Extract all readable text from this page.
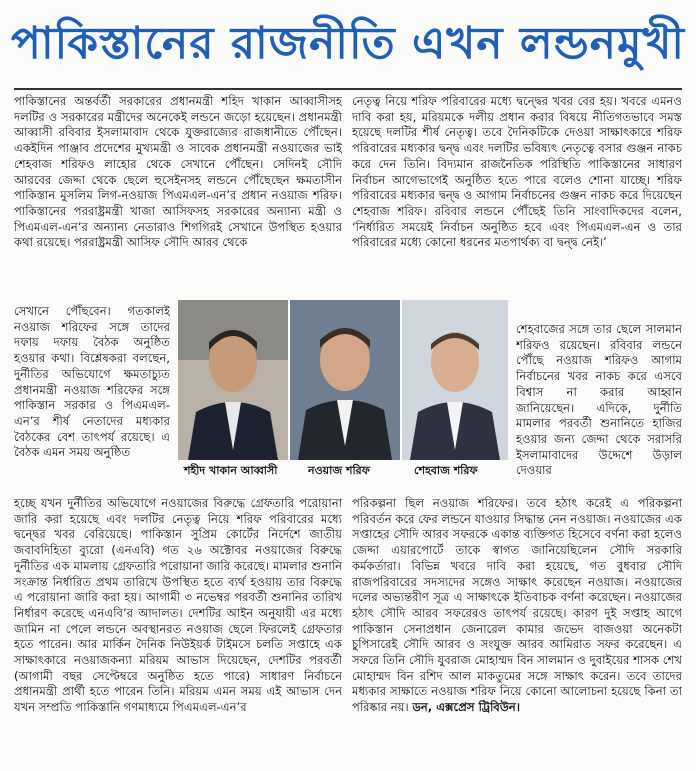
পাকিস্তানের রাজনীতি এখন লন্ডনমুখী

পাকিস্তানের অন্তর্বর্তী সরকারের প্রধানমন্ত্রী শহিদ খাকান আব্বাসীসহ দলটির ও সরকারের মন্ত্রীদের অনেকেই লন্ডনে জড়ো হয়েছেন। প্রধানমন্ত্রী আব্বাসী রবিবার ইসলামাবাদ থেকে যুক্তরাজ্যের রাজধানীতে পৌঁছেন। একইদিন পাঞ্জাব প্রদেশের মুখ্যমন্ত্রী ও সাবেক প্রধানমন্ত্রী নওয়াজের ভাই শেহবাজ শরিফও লাহোর থেকে সেখানে পৌঁছেন। সেদিনই সৌদি আরবের জেদ্দা থেকে ছেলে হুসেইনসহ লন্ডনে পৌঁছেছেন ক্ষমতাসীন পাকিস্তান মুসলিম লিগ-নওয়াজ পিএমএল-এন’র প্রধান নওয়াজ শরিফ। পাকিস্তানের পররাষ্ট্রমন্ত্রী খাজা আসিফসহ সরকারের অন্যান্য মন্ত্রী ও পিএমএল-এন’র অন্যান্য নেতারাও শিগগিরই সেখানে উপস্থিত হওয়ার কথা রয়েছে। পররাষ্ট্রমন্ত্রী আসিফ সৌদি আরব থেকে

সেখানে পৌঁছবেন। গতকালই নওয়াজ শরিফের সঙ্গে তাদের দফায় দফায় বৈঠক অনুষ্ঠিত হওয়ার কথা। বিশ্লেষকরা বলছেন, দুর্নীতির অভিযোগে ক্ষমতাচ্যুত প্রধানমন্ত্রী নওয়াজ শরিফের সঙ্গে পাকিস্তান সরকার ও পিএমএল-এন’র শীর্ষ নেতাদের মধ্যকার বৈঠকের বেশ তাৎপর্য রয়েছে। এ বৈঠক এমন সময় অনুষ্ঠিত

হচ্ছে যখন দুর্নীতির অভিযোগে নওয়াজের বিরুদ্ধে গ্রেফতারি পরোয়ানা জারি করা হয়েছে এবং দলটির নেতৃত্ব নিয়ে শরিফ পরিবারের মধ্যে দ্বন্দ্বের খবর বেরিয়েছে। পাকিস্তান সুপ্রিম কোর্টের নির্দেশে জাতীয় জবাবদিহিতা ব্যুরো (এনএবি) গত ২৬ অক্টোবর নওয়াজের বিরুদ্ধে দুর্নীতির এক মামলায় গ্রেফতারি পরোয়ানা জারি করেছে। মামলার শুনানি সংক্রান্ত নির্ধারিত প্রথম তারিখে উপস্থিত হতে ব্যর্থ হওয়ায় তার বিরুদ্ধে এ পরোয়ানা জারি করা হয়। আগামী ৩ নভেম্বর পরবর্তী শুনানির তারিখ নির্ধারণ করেছে এনএবি’র আদালত। দেশটির আইন অনুযায়ী এর মধ্যে জামিন না পেলে লন্ডনে অবস্থানরত নওয়াজ ছেলে ফিরলেই গ্রেফতার হতে পারেন। আর মার্কিন দৈনিক নিউইয়র্ক টাইমসে চলতি সপ্তাহে এক সাক্ষাৎকারে নওয়াজকন্যা মরিয়ম আভাস দিয়েছেন, দেশটির পরবর্তী (আগামী বছর সেপ্টেম্বরে অনুষ্ঠিত হতে পারে) সাধারণ নির্বাচনে প্রধানমন্ত্রী প্রার্থী হতে পারেন তিনি। মরিয়ম এমন সময় এই আভাস দেন যখন সম্প্রতি পাকিস্তানি গণমাধ্যমে পিএমএল-এন’র

নেতৃত্ব নিয়ে শরিফ পরিবারের মধ্যে দ্বন্দ্বের খবর বের হয়। খবরে এমনও দাবি করা হয়, মরিয়মকে দলীয় প্রধান করার বিষয়ে নীতিগতভাবে সমস্ত হয়েছে দলটির শীর্ষ নেতৃত্ব। তবে দৈনিকটিকে দেওয়া সাক্ষাৎকারে শরিফ পরিবারের মধ্যকার দ্বন্দ্ব এবং দলটির ভবিষ্যৎ নেতৃত্বে বসার গুঞ্জন নাকচ করে দেন তিনি। বিদ্যমান রাজনৈতিক পরিস্থিতি পাকিস্তানের সাধারণ নির্বাচন আগেভাগেই অনুষ্ঠিত হতে পারে বলেও শোনা যাচ্ছে। শরিফ পরিবারের মধ্যকার দ্বন্দ্ব ও আগাম নির্বাচনের গুঞ্জন নাকচ করে দিয়েছেন শেহবাজ শরিফ। রবিবার লন্ডনে পৌঁছেই তিনি সাংবাদিকদের বলেন, ‘নির্ধারিত সময়েই নির্বাচন অনুষ্ঠিত হবে এবং পিএমএল-এন ও তার পরিবারের মধ্যে কোনো ধরনের মতপার্থক্য বা দ্বন্দ্ব নেই।’

শেহবাজের সঙ্গে তার ছেলে সালমান শরিফও রয়েছেন। রবিবার লন্ডনে পৌঁছে নওয়াজ শরিফও আগাম নির্বাচনের খবর নাকচ করে এসবে বিশ্বাস না করার আহ্বান জানিয়েছেন। এদিকে, দুর্নীতি মামলার পরবর্তী শুনানিতে হাজির হওয়ার জন্য জেদ্দা থেকে সরাসরি ইসলামাবাদের উদ্দেশে উড়াল দেওয়ার

পরিকল্পনা ছিল নওয়াজ শরিফের। তবে হঠাৎ করেই এ পরিকল্পনা পরিবর্তন করে ফের লন্ডনে যাওয়ার সিদ্ধান্ত নেন নওয়াজ। নওয়াজের এক সপ্তাহের সৌদি আরব সফরকে একান্ত ব্যক্তিগত হিসেবে বর্ণনা করা হলেও জেদ্দা এয়ারপোর্টে তাকে স্বাগত জানিয়েছিলেন সৌদি সরকারি কর্মকর্তারা। বিভিন্ন খবরে দাবি করা হয়েছে, গত বুধবার সৌদি রাজপরিবারের সদস্যদের সঙ্গেও সাক্ষাৎ করেছেন নওয়াজ। নওয়াজের দলের অভ্যন্তরীণ সূত্র এ সাক্ষাৎকে ইতিবাচক বর্ণনা করেছেন। নওয়াজের হঠাৎ সৌদি আরব সফরেরও তাৎপর্য রয়েছে। কারণ দুই সপ্তাহ আগে পাকিস্তান সেনাপ্রধান জেনারেল কামার জভেদ বাজওয়া অনেকটা চুপিসারেই সৌদি আরব ও সংযুক্ত আরব আমিরাত সফর করেছেন। এ সফরে তিনি সৌদি যুবরাজ মোহাম্মদ বিন সালমান ও দুবাইয়ের শাসক শেখ মোহাম্মদ বিন রশিদ আল মাকতুমের সঙ্গে সাক্ষাৎ করেন। তবে তাদের মধ্যকার সাক্ষাতে নওয়াজ শরিফ নিয়ে কোনো আলোচনা হয়েছে কিনা তা পরিষ্কার নয়। ডন, এক্সপ্রেস ট্রিবিউন।

শহীদ খাকান আব্বাসী	নওয়াজ শরিফ	শেহবাজ শরিফ
